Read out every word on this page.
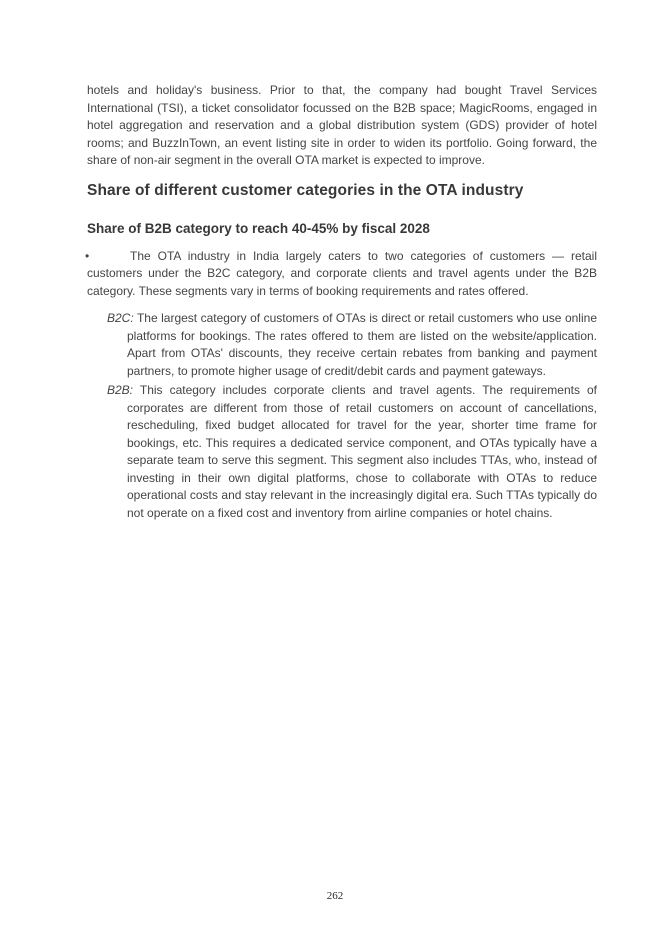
hotels and holiday's business. Prior to that, the company had bought Travel Services International (TSI), a ticket consolidator focussed on the B2B space; MagicRooms, engaged in hotel aggregation and reservation and a global distribution system (GDS) provider of hotel rooms; and BuzzInTown, an event listing site in order to widen its portfolio. Going forward, the share of non-air segment in the overall OTA market is expected to improve.

Share of different customer categories in the OTA industry
Share of B2B category to reach 40-45% by fiscal 2028
•	The OTA industry in India largely caters to two categories of customers — retail customers under the B2C category, and corporate clients and travel agents under the B2B category. These segments vary in terms of booking requirements and rates offered.
B2C: The largest category of customers of OTAs is direct or retail customers who use online platforms for bookings. The rates offered to them are listed on the website/application. Apart from OTAs' discounts, they receive certain rebates from banking and payment partners, to promote higher usage of credit/debit cards and payment gateways.
B2B: This category includes corporate clients and travel agents. The requirements of corporates are different from those of retail customers on account of cancellations, rescheduling, fixed budget allocated for travel for the year, shorter time frame for bookings, etc. This requires a dedicated service component, and OTAs typically have a separate team to serve this segment. This segment also includes TTAs, who, instead of investing in their own digital platforms, chose to collaborate with OTAs to reduce operational costs and stay relevant in the increasingly digital era. Such TTAs typically do not operate on a fixed cost and inventory from airline companies or hotel chains.
262
